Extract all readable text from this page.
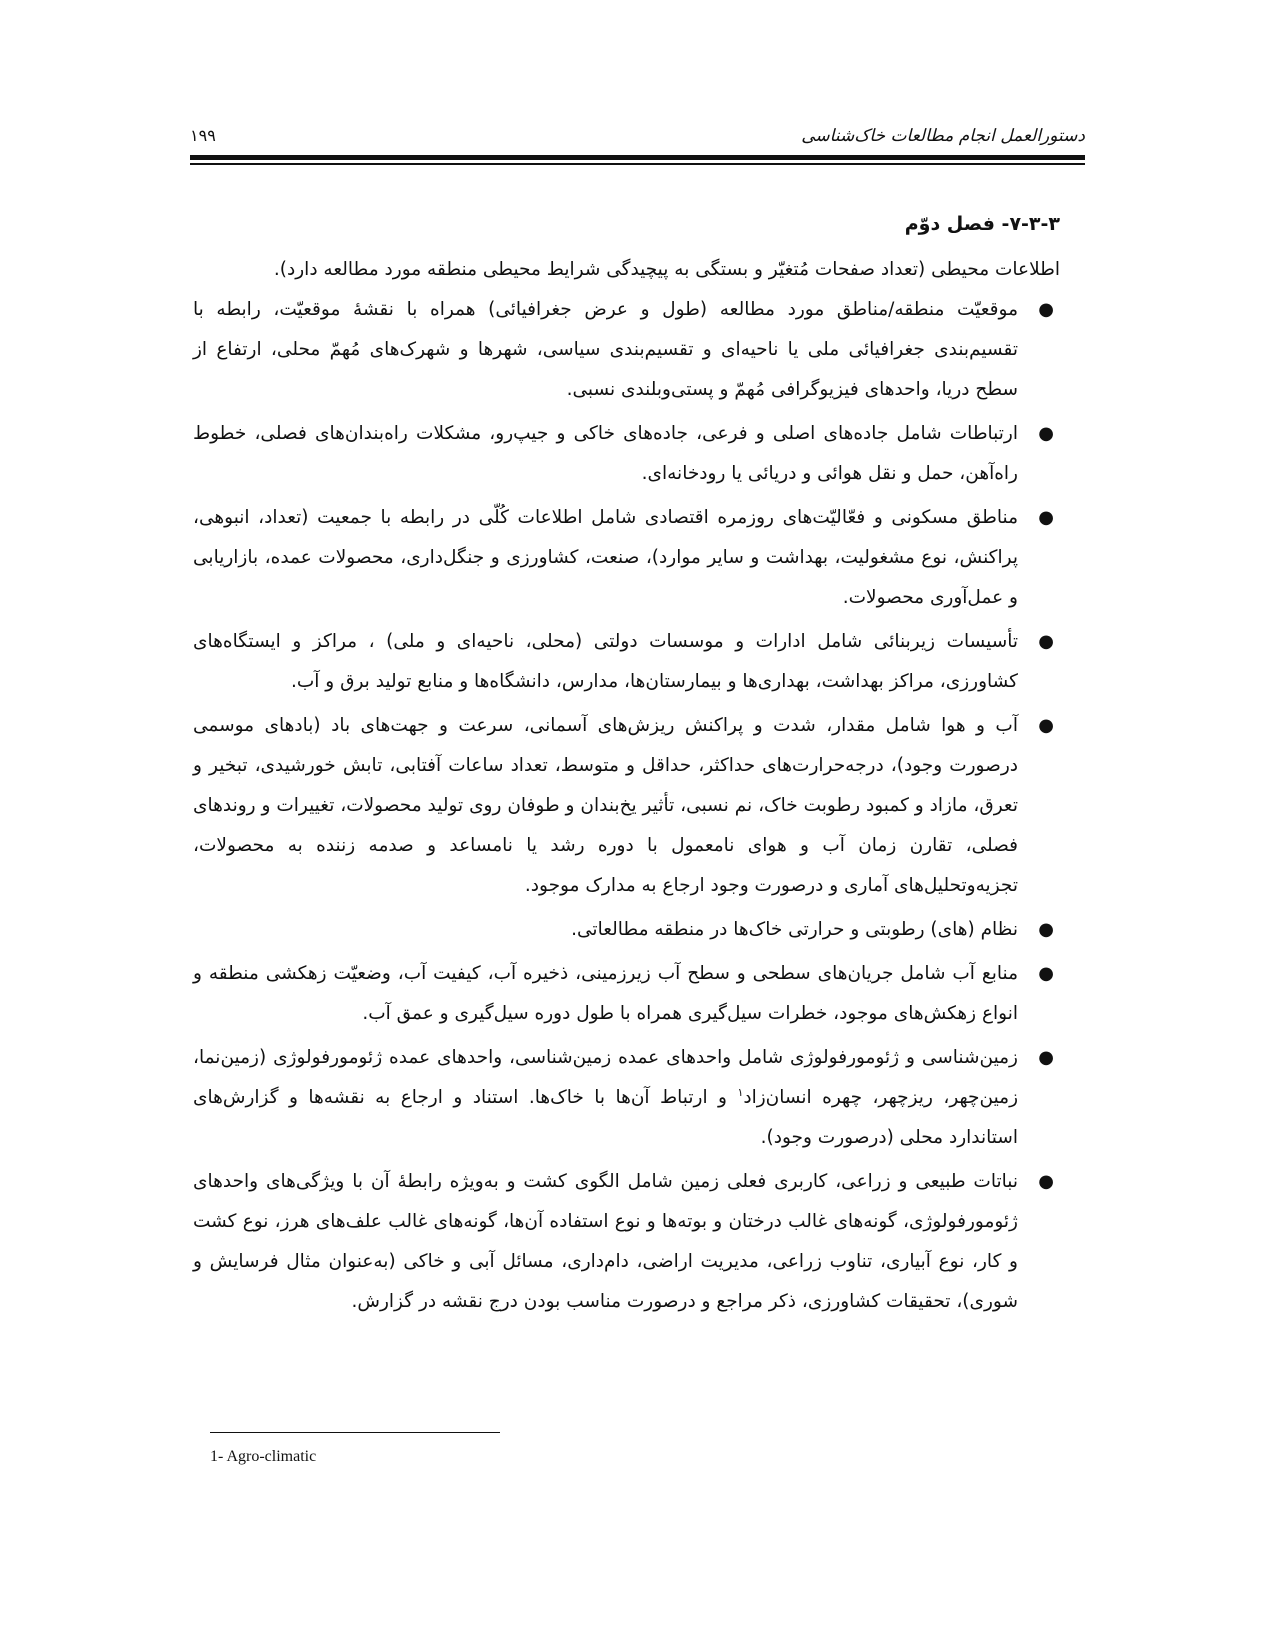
۱۹۹	دستورالعمل انجام مطالعات خاک‌شناسی
۷-۳-۳- فصل دوّم

اطلاعات محیطی (تعداد صفحات مُتغیّر و بستگی به پیچیدگی شرایط محیطی منطقه مورد مطالعه دارد).

●
موقعیّت منطقه/مناطق مورد مطالعه (طول و عرض جغرافیائی) همراه با نقشهٔ موقعیّت، رابطه با تقسیم‌بندی جغرافیائی ملی یا ناحیه‌ای و تقسیم‌بندی سیاسی، شهرها و شهرک‌های مُهمّ محلی، ارتفاع از سطح دریا، واحدهای فیزیوگرافی مُهمّ و پستی‌وبلندی نسبی.
●
ارتباطات شامل جاده‌های اصلی و فرعی، جاده‌های خاکی و جیپ‌رو، مشکلات راه‌بندان‌های فصلی، خطوط راه‌آهن، حمل و نقل هوائی و دریائی یا رودخانه‌ای.
●
مناطق مسکونی و فعّالیّت‌های روزمره اقتصادی شامل اطلاعات کُلّی در رابطه با جمعیت (تعداد، انبوهی، پراکنش، نوع مشغولیت، بهداشت و سایر موارد)، صنعت، کشاورزی و جنگل‌داری، محصولات عمده، بازاریابی و عمل‌آوری محصولات.
●
تأسیسات زیربنائی شامل ادارات و موسسات دولتی (محلی، ناحیه‌ای و ملی) ، مراکز و ایستگاه‌های کشاورزی، مراکز بهداشت، بهداری‌ها و بیمارستان‌ها، مدارس، دانشگاه‌ها و منابع تولید برق و آب.
●
آب و هوا شامل مقدار، شدت و پراکنش ریزش‌های آسمانی، سرعت و جهت‌های باد (بادهای موسمی درصورت وجود)، درجه‌حرارت‌های حداکثر، حداقل و متوسط، تعداد ساعات آفتابی، تابش خورشیدی، تبخیر و تعرق، مازاد و کمبود رطوبت خاک، نم نسبی، تأثیر یخ‌بندان و طوفان روی تولید محصولات، تغییرات و روندهای فصلی، تقارن زمان آب و هوای نامعمول با دوره رشد یا نامساعد و صدمه زننده به محصولات، تجزیه‌وتحلیل‌های آماری و درصورت وجود ارجاع به مدارک موجود.
●
نظام (های) رطوبتی و حرارتی خاک‌ها در منطقه مطالعاتی.
●
منابع آب شامل جریان‌های سطحی و سطح آب زیرزمینی، ذخیره آب، کیفیت آب، وضعیّت زهکشی منطقه و انواع زهکش‌های موجود، خطرات سیل‌گیری همراه با طول دوره سیل‌گیری و عمق آب.
●
زمین‌شناسی و ژئومورفولوژی شامل واحدهای عمده زمین‌شناسی، واحدهای عمده ژئومورفولوژی (زمین‌نما، زمین‌چهر، ریزچهر، چهره انسان‌زاد$^۱$ و ارتباط آن‌ها با خاک‌ها. استناد و ارجاع به نقشه‌ها و گزارش‌های استاندارد محلی (درصورت وجود).
●
نباتات طبیعی و زراعی، کاربری فعلی زمین شامل الگوی کشت و به‌ویژه رابطهٔ آن با ویژگی‌های واحدهای ژئومورفولوژی، گونه‌های غالب درختان و بوته‌ها و نوع استفاده آن‌ها، گونه‌های غالب علف‌های هرز، نوع کشت و کار، نوع آبیاری، تناوب زراعی، مدیریت اراضی، دام‌داری، مسائل آبی و خاکی (به‌عنوان مثال فرسایش و شوری)، تحقیقات کشاورزی، ذکر مراجع و درصورت مناسب بودن درج نقشه در گزارش.
1- Agro-climatic
